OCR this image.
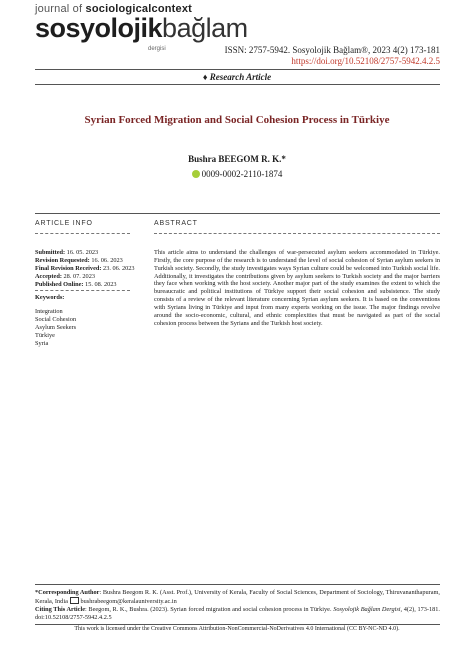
journal of sociologicalcontext
sosyolojikbağlam
dergisi	ISSN: 2757-5942. Sosyolojik Bağlam®, 2023 4(2) 173-181
https://doi.org/10.52108/2757-5942.4.2.5
♦ Research Article
Syrian Forced Migration and Social Cohesion Process in Türkiye
Bushra BEEGOM R. K.*
0009-0002-2110-1874
ARTICLE INFO	ABSTRACT
Submitted: 16. 05. 2023
Revision Requested: 16. 06. 2023
Final Revision Received: 23. 06. 2023
Accepted: 28. 07. 2023
Published Online: 15. 08. 2023
Keywords:
Integration
Social Cohesion
Asylum Seekers
Türkiye
Syria
This article aims to understand the challenges of war-persecuted asylum seekers accommodated in Türkiye. Firstly, the core purpose of the research is to understand the level of social cohesion of Syrian asylum seekers in Turkish society. Secondly, the study investigates ways Syrian culture could be welcomed into Turkish social life. Additionally, it investigates the contributions given by asylum seekers to Turkish society and the major barriers they face when working with the host society. Another major part of the study examines the extent to which the bureaucratic and political institutions of Türkiye support their social cohesion and subsistence. The study consists of a review of the relevant literature concerning Syrian asylum seekers. It is based on the conventions with Syrians living in Türkiye and input from many experts working on the issue. The major findings revolve around the socio-economic, cultural, and ethnic complexities that must be navigated as part of the social cohesion process between the Syrians and the Turkish host society.
*Corresponding Author: Bushra Beegom R. K. (Asst. Prof.), University of Kerala, Faculty of Social Sciences, Department of Sociology, Thiruvananthapuram, Kerala, India bushrabeegom@keralauniversity.ac.in
Citing This Article: Beegom, R. K., Bushra. (2023). Syrian forced migration and social cohesion process in Türkiye. Sosyolojik Bağlam Dergisi, 4(2), 173-181. doi:10.52108/2757-5942.4.2.5
This work is licensed under the Creative Commons Attribution-NonCommercial-NoDerivatives 4.0 International (CC BY-NC-ND 4.0).
